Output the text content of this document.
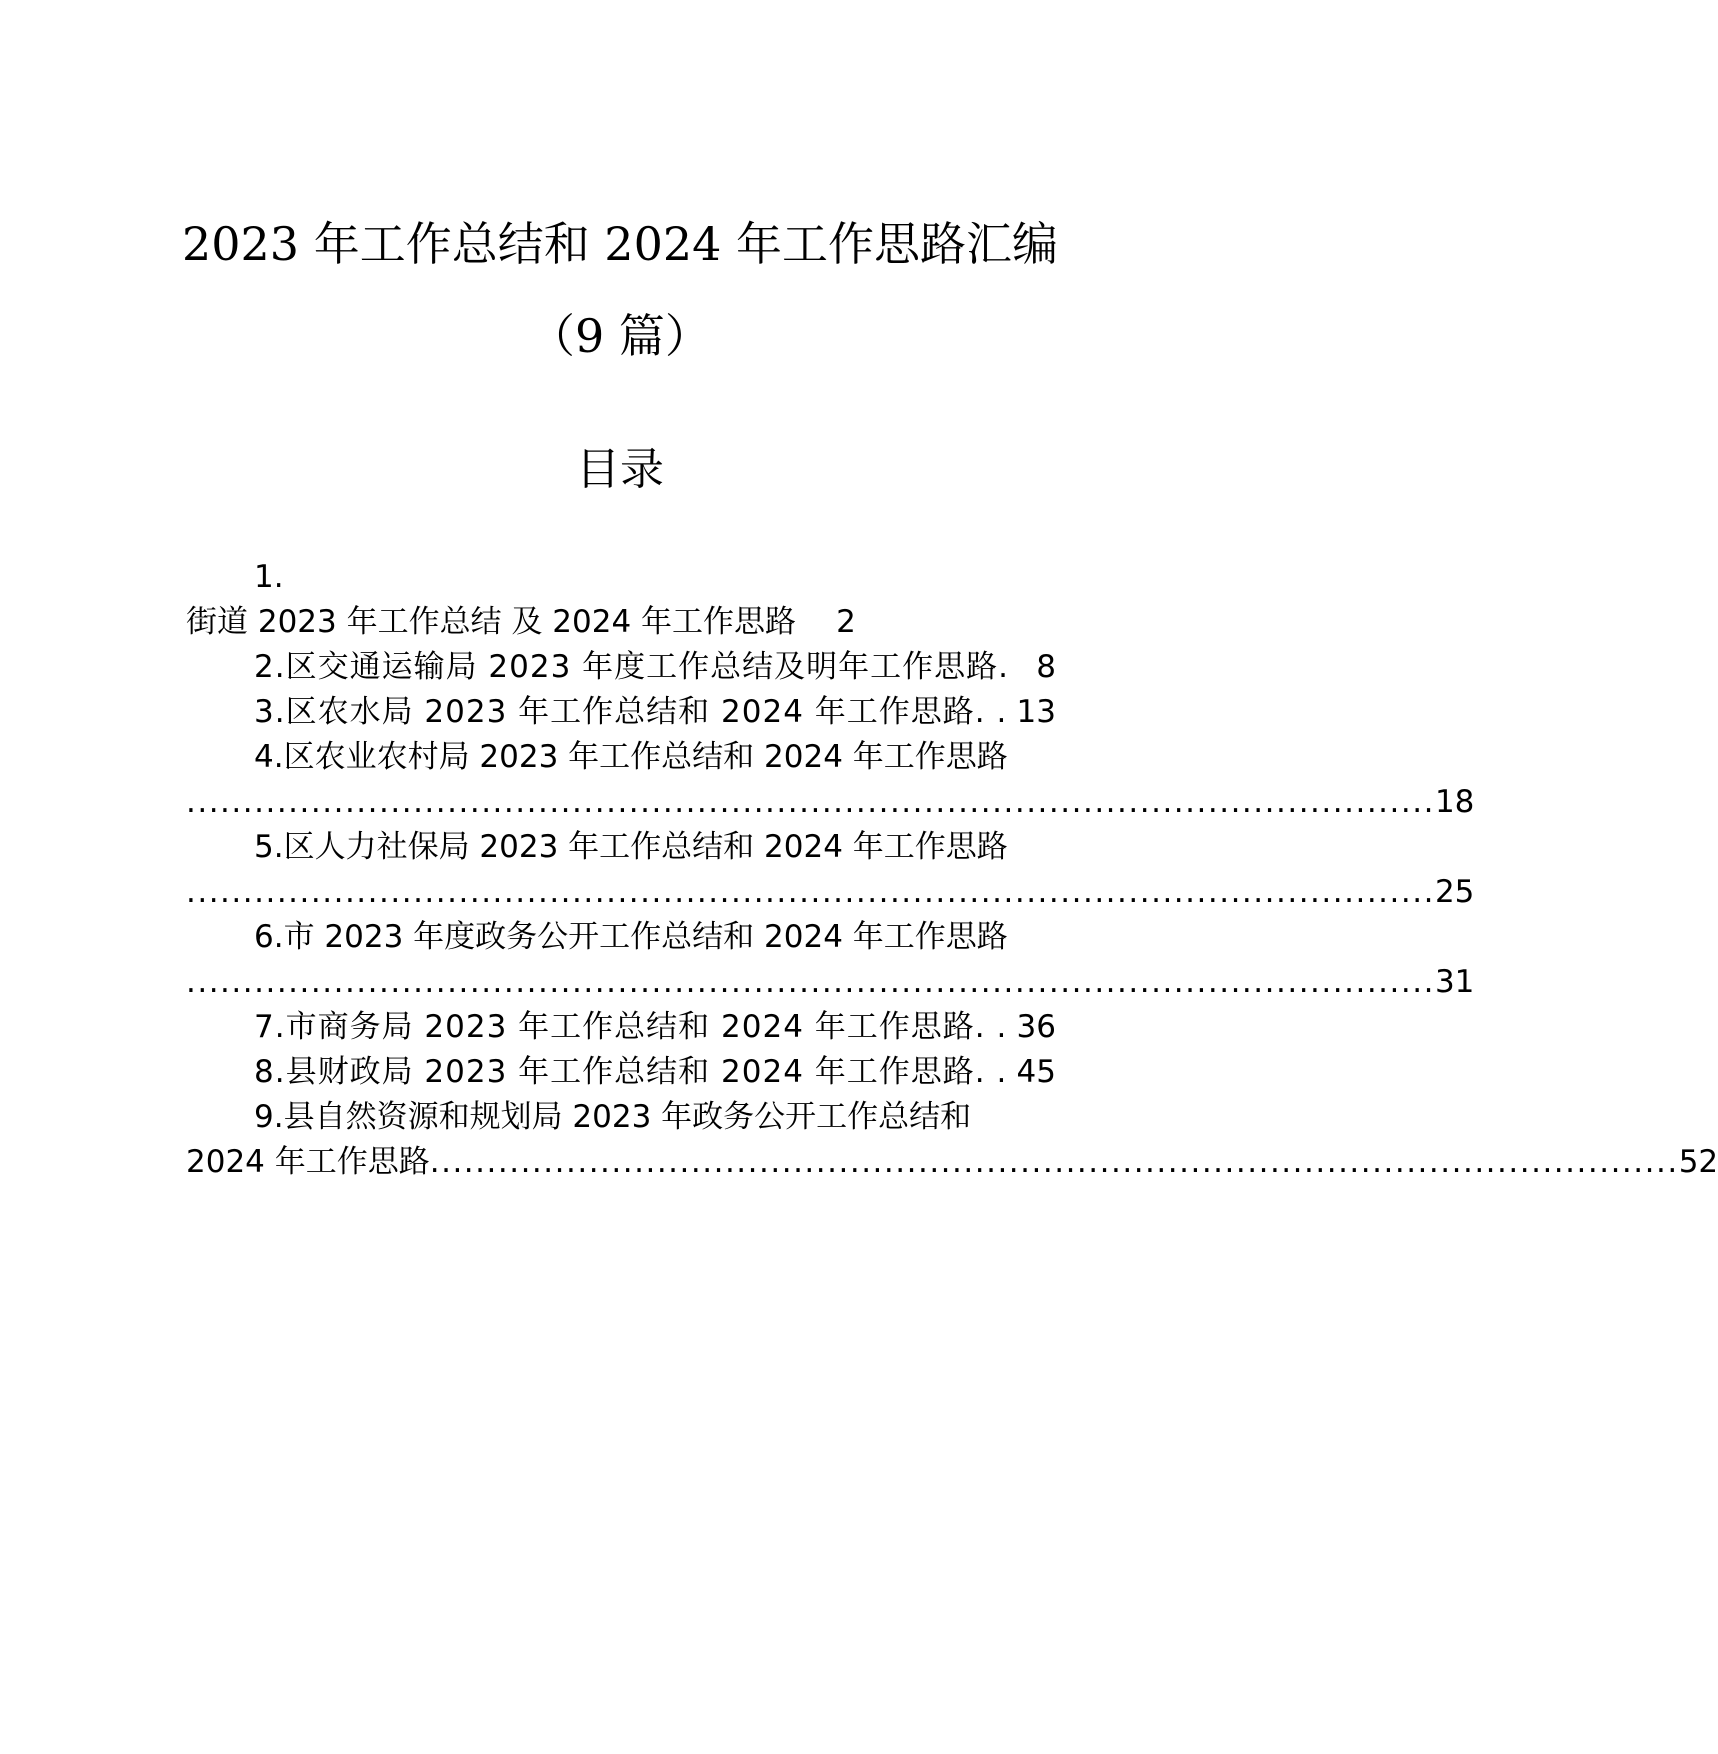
2023 年工作总结和 2024 年工作思路汇编
（9 篇）
目录
1.
街道 2023 年工作总结 及 2024 年工作思路 2
2.区交通运输局 2023 年度工作总结及明年工作思路. 8
3.区农水局 2023 年工作总结和 2024 年工作思路. . 13
4.区农业农村局 2023 年工作总结和 2024 年工作思路
.............................................................................................................. 18
5.区人力社保局 2023 年工作总结和 2024 年工作思路
.............................................................................................................. 25
6.市 2023 年度政务公开工作总结和 2024 年工作思路
.............................................................................................................. 31
7.市商务局 2023 年工作总结和 2024 年工作思路. . 36
8.县财政局 2023 年工作总结和 2024 年工作思路. . 45
9.县自然资源和规划局 2023 年政务公开工作总结和
2024 年工作思路 .............................................................................................................. 52
